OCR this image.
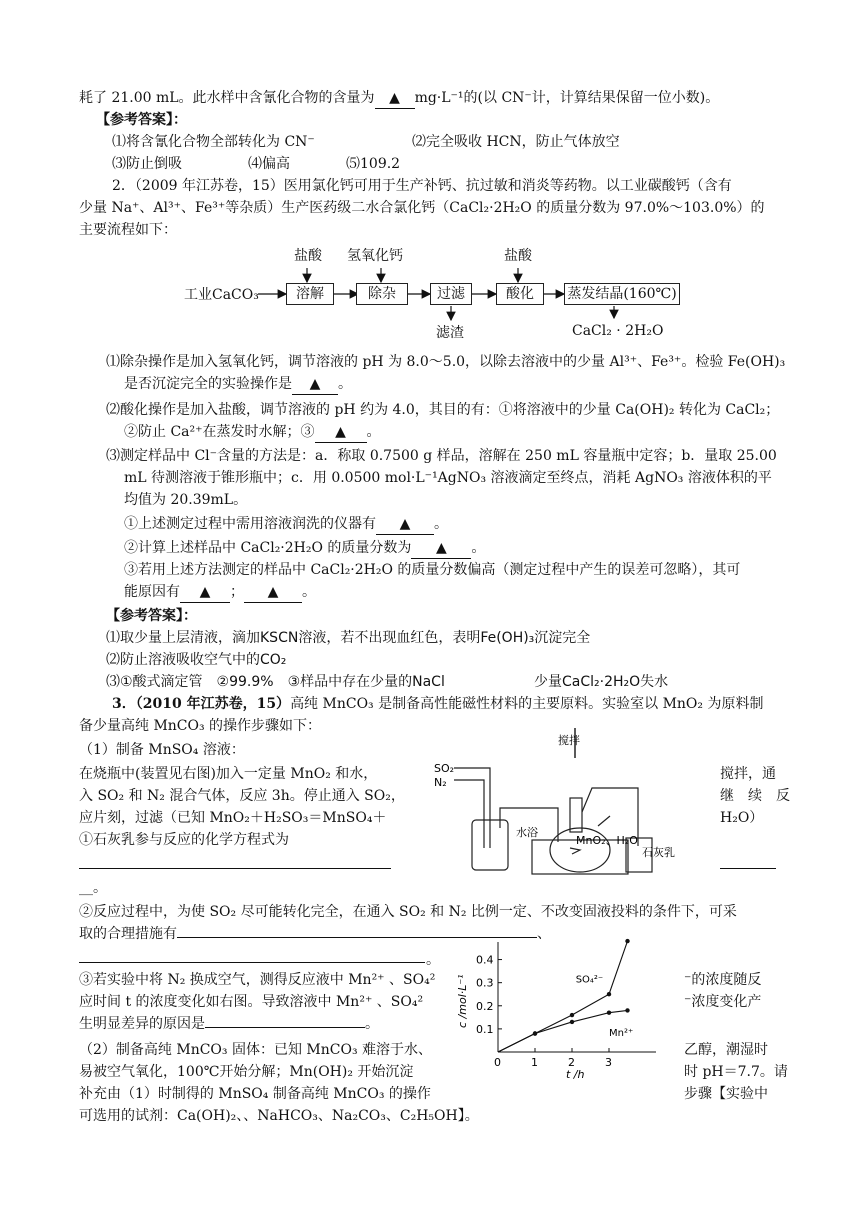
耗了 21.00 mL。此水样中含氰化合物的含量为 ▲ mg·L⁻¹的(以 CN⁻计，计算结果保留一位小数)。
【参考答案】：
⑴将含氰化合物全部转化为 CN⁻	⑵完全吸收 HCN，防止气体放空
⑶防止倒吸	⑷偏高	⑸109.2
2．（2009 年江苏卷，15）医用氯化钙可用于生产补钙、抗过敏和消炎等药物。以工业碳酸钙（含有
少量 Na⁺、Al³⁺、Fe³⁺等杂质）生产医药级二水合氯化钙（CaCl₂·2H₂O 的质量分数为 97.0%～103.0%）的
主要流程如下：
盐酸 氢氧化钙	盐酸
工业CaCO₃	溶解	除杂	过滤	酸化	蒸发结晶(160℃)
滤渣	CaCl₂ · 2H₂O
⑴除杂操作是加入氢氧化钙，调节溶液的 pH 为 8.0～5.0，以除去溶液中的少量 Al³⁺、Fe³⁺。检验 Fe(OH)₃
是否沉淀完全的实验操作是 ▲ 。
⑵酸化操作是加入盐酸，调节溶液的 pH 约为 4.0，其目的有：①将溶液中的少量 Ca(OH)₂ 转化为 CaCl₂；
②防止 Ca²⁺在蒸发时水解；③ ▲ 。
⑶测定样品中 Cl⁻含量的方法是：a．称取 0.7500 g 样品，溶解在 250 mL 容量瓶中定容；b．量取 25.00
mL 待测溶液于锥形瓶中；c．用 0.0500 mol·L⁻¹AgNO₃ 溶液滴定至终点，消耗 AgNO₃ 溶液体积的平
均值为 20.39mL。
①上述测定过程中需用溶液润洗的仪器有 ▲ 。
②计算上述样品中 CaCl₂·2H₂O 的质量分数为 ▲ 。
③若用上述方法测定的样品中 CaCl₂·2H₂O 的质量分数偏高（测定过程中产生的误差可忽略），其可
能原因有 ▲ ； ▲ 。
【参考答案】：
⑴取少量上层清液，滴加KSCN溶液，若不出现血红色，表明Fe(OH)₃沉淀完全
⑵防止溶液吸收空气中的CO₂
⑶①酸式滴定管　②99.9%　③样品中存在少量的NaCl	少量CaCl₂·2H₂O失水
3．（2010 年江苏卷，15）高纯 MnCO₃ 是制备高性能磁性材料的主要原料。实验室以 MnO₂ 为原料制
备少量高纯 MnCO₃ 的操作步骤如下：
（1）制备 MnSO₄ 溶液：
在烧瓶中(装置见右图)加入一定量 MnO₂ 和水，	搅拌，通
入 SO₂ 和 N₂ 混合气体，反应 3h。停止通入 SO₂，	继　续　反
应片刻，过滤（已知 MnO₂＋H₂SO₃＝MnSO₄＋	H₂O）
①石灰乳参与反应的化学方程式为
__。
②反应过程中，为使 SO₂ 尽可能转化完全，在通入 SO₂ 和 N₂ 比例一定、不改变固液投料的条件下，可采
取的合理措施有	、
。
③若实验中将 N₂ 换成空气，测得反应液中 Mn²⁺ 、SO₄²	⁻的浓度随反
应时间 t 的浓度变化如右图。导致溶液中 Mn²⁺ 、SO₄²	⁻浓度变化产
生明显差异的原因是	。
（2）制备高纯 MnCO₃ 固体：已知 MnCO₃ 难溶于水、	乙醇，潮湿时
易被空气氧化，100℃开始分解；Mn(OH)₂ 开始沉淀	时 pH＝7.7。请
补充由（1）时制得的 MnSO₄ 制备高纯 MnCO₃ 的操作	步骤【实验中
可选用的试剂：Ca(OH)₂、、NaHCO₃、Na₂CO₃、C₂H₅OH】。
搅拌
SO₂
N₂
MnO₂、H₂O
水浴
石灰乳
0	1	2	3
0.1
0.2
0.3
0.4
t /h
c /mol·L⁻¹	SO₄²⁻
Mn²⁺
